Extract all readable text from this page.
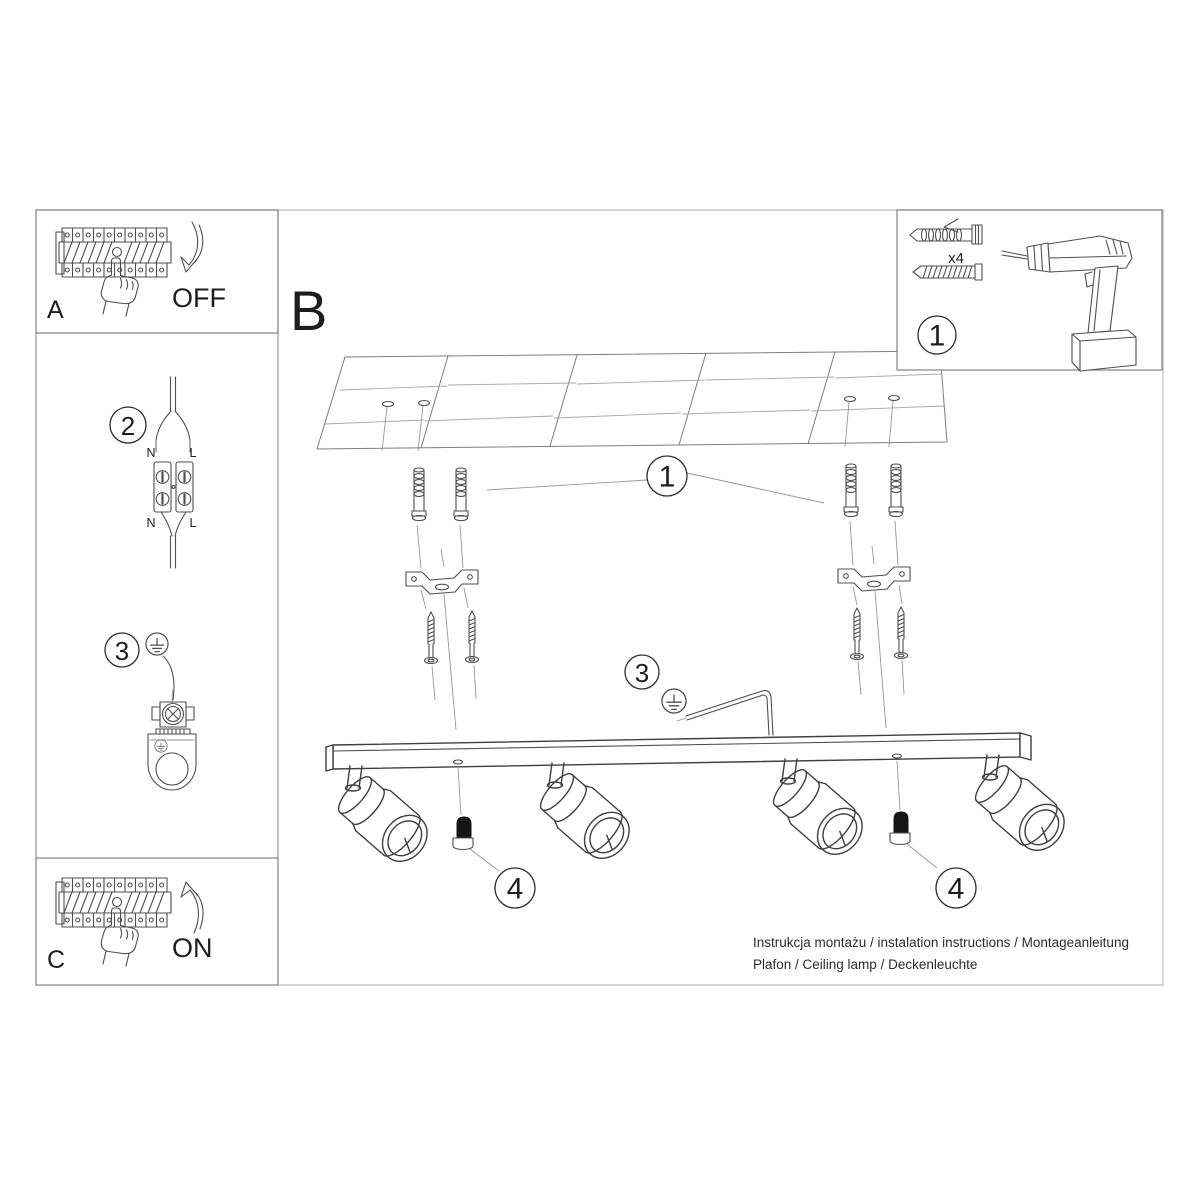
A	OFF
C	ON
2
N	L
N	L
3
x4
1
B
1
3
4	4
Instrukcja montażu / instalation instructions / Montageanleitung
Plafon / Ceiling lamp / Deckenleuchte
